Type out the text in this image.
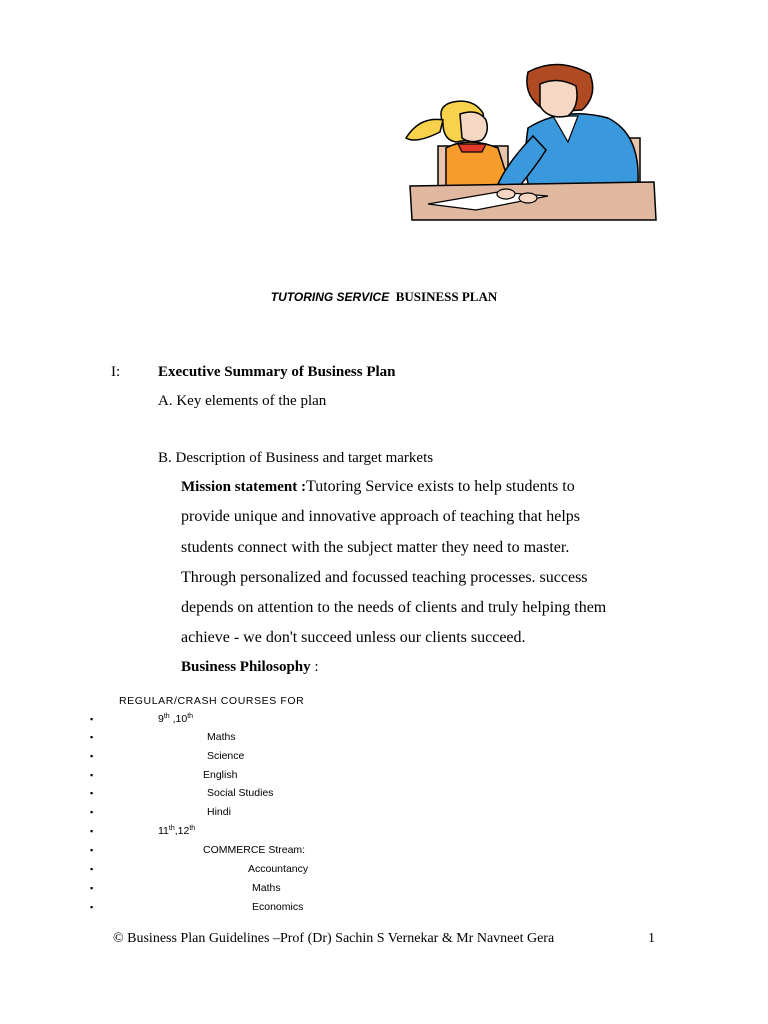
TUTORING SERVICE BUSINESS PLAN
I:	Executive Summary of Business Plan
A. Key elements of the plan
B. Description of Business and target markets
Mission statement :Tutoring Service exists to help students to
provide unique and innovative approach of teaching that helps
students connect with the subject matter they need to master.
Through personalized and focussed teaching processes. success
depends on attention to the needs of clients and truly helping them
achieve - we don't succeed unless our clients succeed.
Business Philosophy :
REGULAR/CRASH COURSES FOR
▪	9th ,10th
▪	Maths
▪	Science
▪	English
▪	Social Studies
▪	Hindi
▪	11th,12th
▪	COMMERCE Stream:
▪	Accountancy
▪	Maths
▪	Economics
© Business Plan Guidelines –Prof (Dr) Sachin S Vernekar & Mr Navneet Gera	1
